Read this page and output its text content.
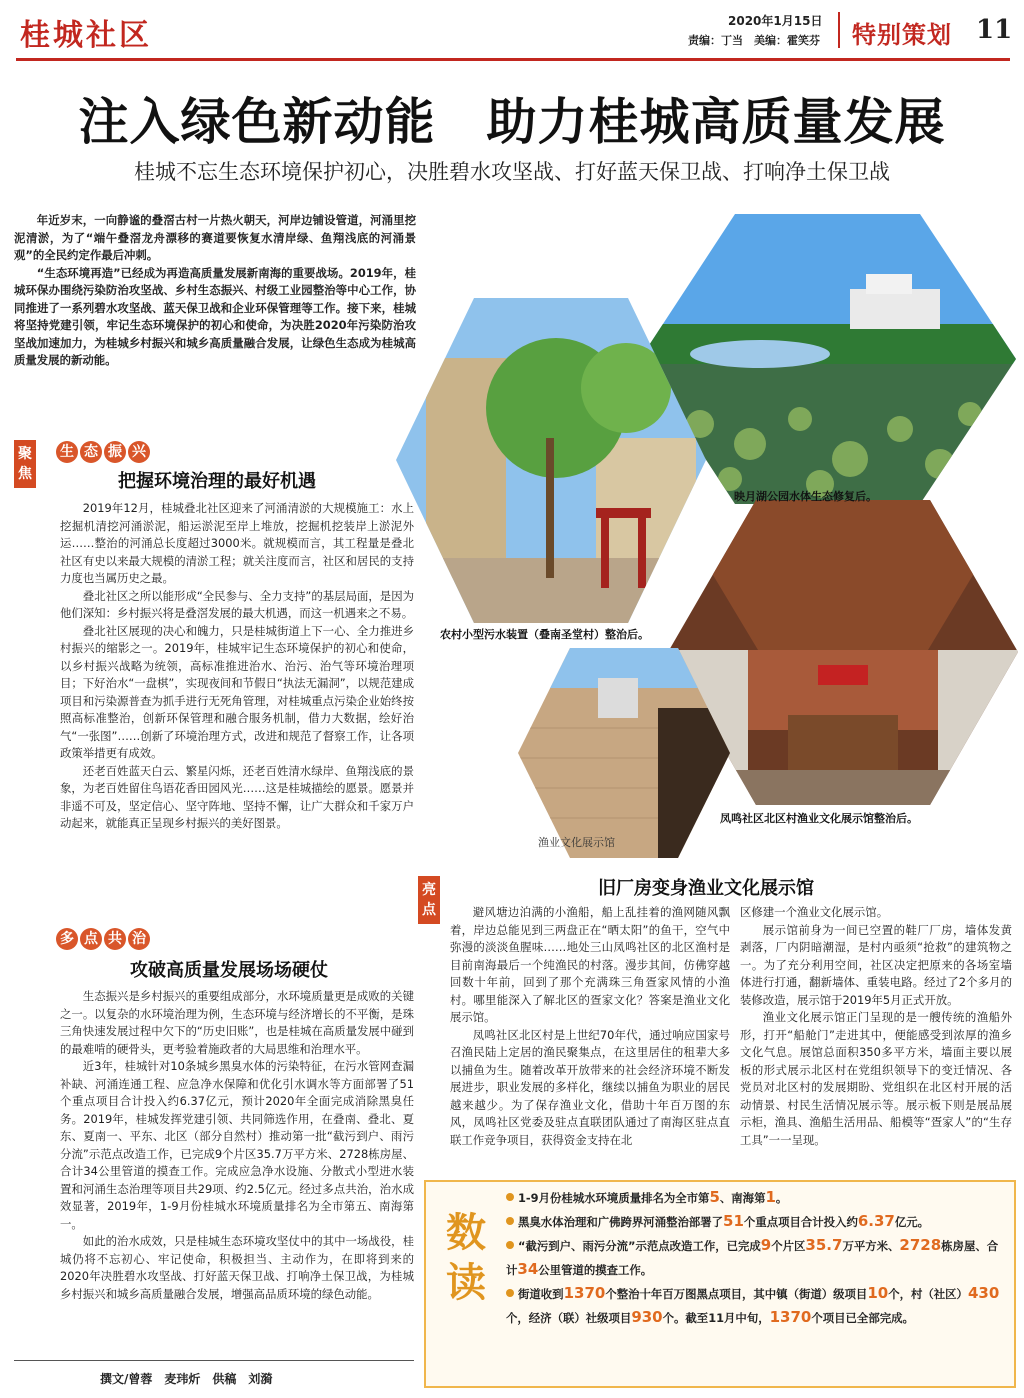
桂城社区	2020年1月15日
责编：丁当　美编：霍笑芬 特别策划 11
注入绿色新动能　助力桂城高质量发展
桂城不忘生态环境保护初心，决胜碧水攻坚战、打好蓝天保卫战、打响净土保卫战

年近岁末，一向静谧的叠滘古村一片热火朝天，河岸边铺设管道，河涌里挖泥清淤，为了“端午叠滘龙舟漂移的赛道要恢复水清岸绿、鱼翔浅底的河涌景观”的全民约定作最后冲刺。

“生态环境再造”已经成为再造高质量发展新南海的重要战场。2019年，桂城环保办围绕污染防治攻坚战、乡村生态振兴、村级工业园整治等中心工作，协同推进了一系列碧水攻坚战、蓝天保卫战和企业环保管理等工作。接下来，桂城将坚持党建引领，牢记生态环境保护的初心和使命，为决胜2020年污染防治攻坚战加速加力，为桂城乡村振兴和城乡高质量融合发展，让绿色生态成为桂城高质量发展的新动能。

聚
焦
生 态 振 兴
把握环境治理的最好机遇

2019年12月，桂城叠北社区迎来了河涌清淤的大规模施工：水上挖掘机清挖河涌淤泥，船运淤泥至岸上堆放，挖掘机挖装岸上淤泥外运……整治的河涌总长度超过3000米。就规模而言，其工程量是叠北社区有史以来最大规模的清淤工程；就关注度而言，社区和居民的支持力度也当属历史之最。

叠北社区之所以能形成“全民参与、全力支持”的基层局面，是因为他们深知：乡村振兴将是叠滘发展的最大机遇，而这一机遇来之不易。

叠北社区展现的决心和魄力，只是桂城街道上下一心、全力推进乡村振兴的缩影之一。2019年，桂城牢记生态环境保护的初心和使命，以乡村振兴战略为统领，高标准推进治水、治污、治气等环境治理项目；下好治水“一盘棋”，实现夜间和节假日“执法无漏洞”，以规范建成项目和污染源普查为抓手进行无死角管理，对桂城重点污染企业始终按照高标准整治，创新环保管理和融合服务机制，借力大数据，绘好治气“一张图”……创新了环境治理方式，改进和规范了督察工作，让各项政策举措更有成效。

还老百姓蓝天白云、繁星闪烁，还老百姓清水绿岸、鱼翔浅底的景象，为老百姓留住鸟语花香田园风光……这是桂城描绘的愿景。愿景并非遥不可及，坚定信心、坚守阵地、坚持不懈，让广大群众和千家万户动起来，就能真正呈现乡村振兴的美好图景。

多 点 共 治
攻破高质量发展场场硬仗

生态振兴是乡村振兴的重要组成部分，水环境质量更是成败的关键之一。以复杂的水环境治理为例，生态环境与经济增长的不平衡，是珠三角快速发展过程中欠下的“历史旧账”，也是桂城在高质量发展中碰到的最难啃的硬骨头，更考验着施政者的大局思维和治理水平。

近3年，桂城针对10条城乡黑臭水体的污染特征，在污水管网查漏补缺、河涌连通工程、应急净水保障和优化引水调水等方面部署了51个重点项目合计投入约6.37亿元，预计2020年全面完成消除黑臭任务。2019年，桂城发挥党建引领、共同筛选作用，在叠南、叠北、夏东、夏南一、平东、北区（部分自然村）推动第一批“截污到户、雨污分流”示范点改造工作，已完成9个片区35.7万平方米、2728栋房屋、合计34公里管道的摸查工作。完成应急净水设施、分散式小型进水装置和河涌生态治理等项目共29项、约2.5亿元。经过多点共治，治水成效显著，2019年，1-9月份桂城水环境质量排名为全市第五、南海第一。

如此的治水成效，只是桂城生态环境攻坚仗中的其中一场战役，桂城仍将不忘初心、牢记使命，积极担当、主动作为，在即将到来的2020年决胜碧水攻坚战、打好蓝天保卫战、打响净土保卫战，为桂城乡村振兴和城乡高质量融合发展，增强高品质环境的绿色动能。

撰文/曾蓉　麦玮炘　供稿　刘漪
映月湖公园水体生态修复后。
农村小型污水装置（叠南圣堂村）整治后。
凤鸣社区北区村渔业文化展示馆整治后。
渔业文化展示馆
亮
点
旧厂房变身渔业文化展示馆

避风塘边泊满的小渔船，船上乱挂着的渔网随风飘着，岸边总能见到三两盘正在“晒太阳”的鱼干，空气中弥漫的淡淡鱼腥味……地处三山凤鸣社区的北区渔村是目前南海最后一个纯渔民的村落。漫步其间，仿佛穿越回数十年前，回到了那个充满珠三角疍家风情的小渔村。哪里能深入了解北区的疍家文化？答案是渔业文化展示馆。

凤鸣社区北区村是上世纪70年代，通过响应国家号召渔民陆上定居的渔民聚集点，在这里居住的租辈大多以捕鱼为生。随着改革开放带来的社会经济环境不断发展进步，职业发展的多样化，继续以捕鱼为职业的居民越来越少。为了保存渔业文化，借助十年百万图的东风，凤鸣社区党委及驻点直联团队通过了南海区驻点直联工作竞争项目，获得资金支持在北

区修建一个渔业文化展示馆。

展示馆前身为一间已空置的鞋厂厂房，墙体发黄剥落，厂内阴暗潮湿，是村内亟须“抢救”的建筑物之一。为了充分利用空间，社区决定把原来的各场室墙体进行打通，翻新墙体、重装电路。经过了2个多月的装修改造，展示馆于2019年5月正式开放。

渔业文化展示馆正门呈现的是一艘传统的渔船外形，打开“船舱门”走进其中，便能感受到浓厚的渔乡文化气息。展馆总面积350多平方米，墙面主要以展板的形式展示北区村在党组织领导下的变迁情况、各党员对北区村的发展期盼、党组织在北区村开展的活动情景、村民生活情况展示等。展示板下则是展品展示柜，渔具、渔船生活用品、船模等“疍家人”的“生存工具”一一呈现。

数
读
1-9月份桂城水环境质量排名为全市第5、南海第1。
黑臭水体治理和广佛跨界河涌整治部署了51个重点项目合计投入约6.37亿元。
“截污到户、雨污分流”示范点改造工作，已完成9个片区35.7万平方米、2728栋房屋、合计34公里管道的摸查工作。
街道收到1370个整治十年百万图黑点项目，其中镇（街道）级项目10个，村（社区）430个，经济（联）社级项目930个。截至11月中旬，1370个项目已全部完成。
